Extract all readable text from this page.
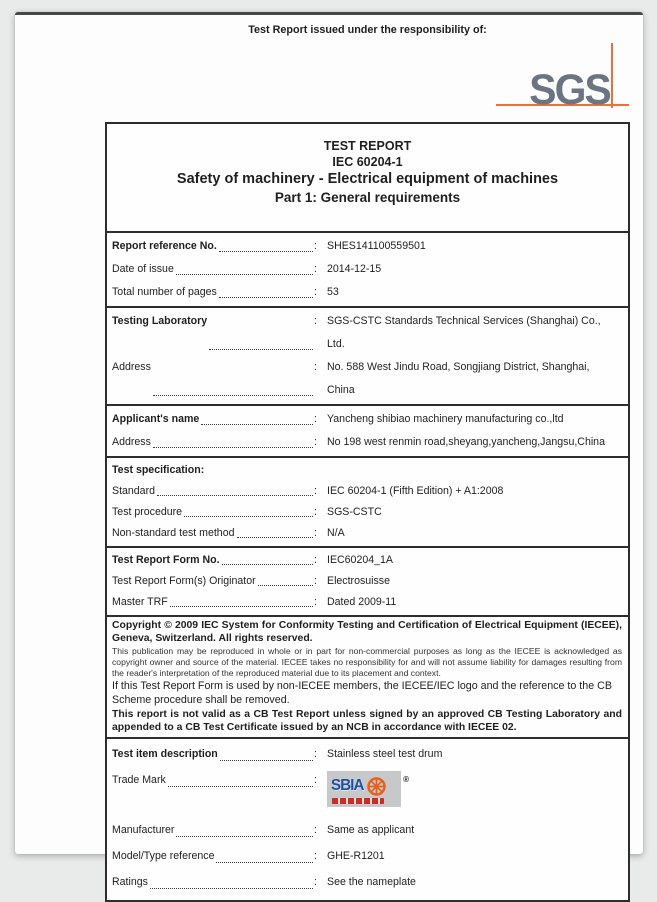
Test Report issued under the responsibility of:
SGS
TEST REPORT
IEC 60204-1
Safety of machinery - Electrical equipment of machines
Part 1: General requirements
Report reference No.	: SHES141100559501
Date of issue	: 2014-12-15
Total number of pages	: 53
Testing Laboratory	: SGS-CSTC Standards Technical Services (Shanghai) Co., Ltd.
Address	: No. 588 West Jindu Road, Songjiang District, Shanghai, China
Applicant's name	: Yancheng shibiao machinery manufacturing co.,ltd
Address	: No 198 west renmin road,sheyang,yancheng,Jangsu,China
Test specification:
Standard	: IEC 60204-1 (Fifth Edition) + A1:2008
Test procedure	: SGS-CSTC
Non-standard test method	: N/A
Test Report Form No.	: IEC60204_1A
Test Report Form(s) Originator	: Electrosuisse
Master TRF	: Dated 2009-11
Copyright © 2009 IEC System for Conformity Testing and Certification of Electrical Equipment (IECEE), Geneva, Switzerland. All rights reserved.
This publication may be reproduced in whole or in part for non-commercial purposes as long as the IECEE is acknowledged as copyright owner and source of the material. IECEE takes no responsibility for and will not assume liability for damages resulting from the reader's interpretation of the reproduced material due to its placement and context.
If this Test Report Form is used by non-IECEE members, the IECEE/IEC logo and the reference to the CB Scheme procedure shall be removed.
This report is not valid as a CB Test Report unless signed by an approved CB Testing Laboratory and appended to a CB Test Certificate issued by an NCB in accordance with IECEE 02.
Test item description	: Stainless steel test drum
Trade Mark	: SBIA	®
Manufacturer	: Same as applicant
Model/Type reference	: GHE-R1201
Ratings	: See the nameplate
